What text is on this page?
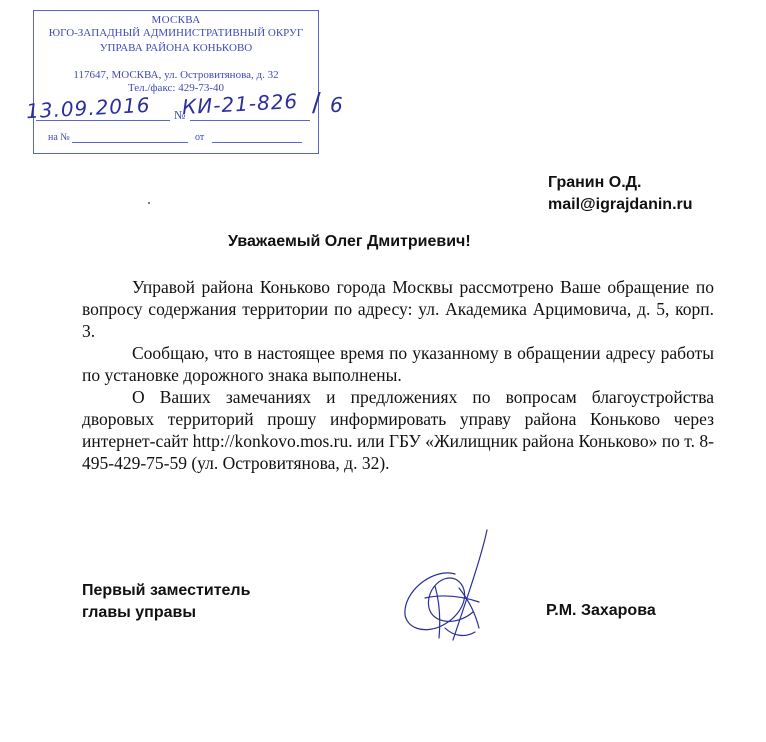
МОСКВА
ЮГО-ЗАПАДНЫЙ АДМИНИСТРАТИВНЫЙ ОКРУГ
УПРАВА РАЙОНА КОНЬКОВО
117647, МОСКВА, ул. Островитянова, д. 32
Тел./факс: 429-73-40
№
13.09.2016 КИ-21-826 / 6
на №	от
Гранин О.Д.
mail@igrajdanin.ru
Уважаемый Олег Дмитриевич!

Управой района Коньково города Москвы рассмотрено Ваше обращение по вопросу содержания территории по адресу: ул. Академика Арцимовича, д. 5, корп. 3.

Сообщаю, что в настоящее время по указанному в обращении адресу работы по установке дорожного знака выполнены.

О Ваших замечаниях и предложениях по вопросам благоустройства дворовых территорий прошу информировать управу района Коньково через интернет-сайт http://konkovo.mos.ru. или ГБУ «Жилищник района Коньково» по т. 8-495-429-75-59 (ул. Островитянова, д. 32).

Первый заместитель
главы управы	Р.М. Захарова
